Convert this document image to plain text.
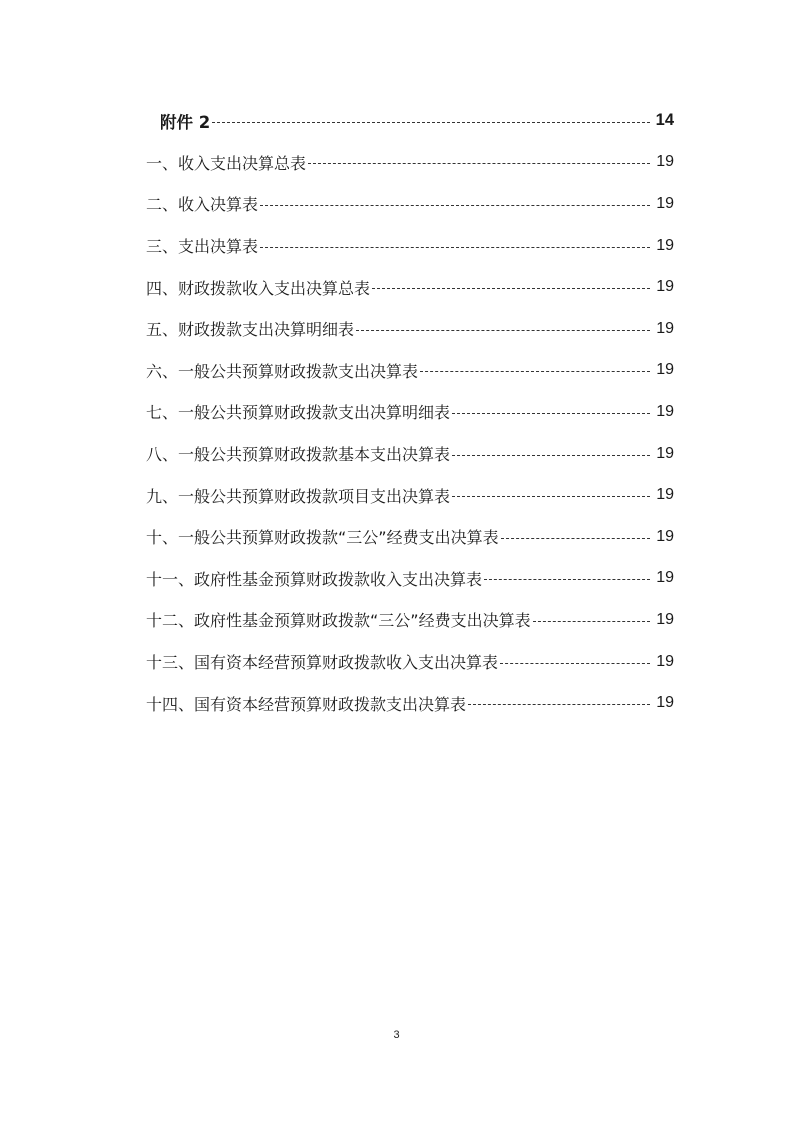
附件 2	14
一、收入支出决算总表	19
二、收入决算表	19
三、支出决算表	19
四、财政拨款收入支出决算总表	19
五、财政拨款支出决算明细表	19
六、一般公共预算财政拨款支出决算表	19
七、一般公共预算财政拨款支出决算明细表	19
八、一般公共预算财政拨款基本支出决算表	19
九、一般公共预算财政拨款项目支出决算表	19
十、一般公共预算财政拨款“三公”经费支出决算表	19
十一、政府性基金预算财政拨款收入支出决算表	19
十二、政府性基金预算财政拨款“三公”经费支出决算表	19
十三、国有资本经营预算财政拨款收入支出决算表	19
十四、国有资本经营预算财政拨款支出决算表	19
3
